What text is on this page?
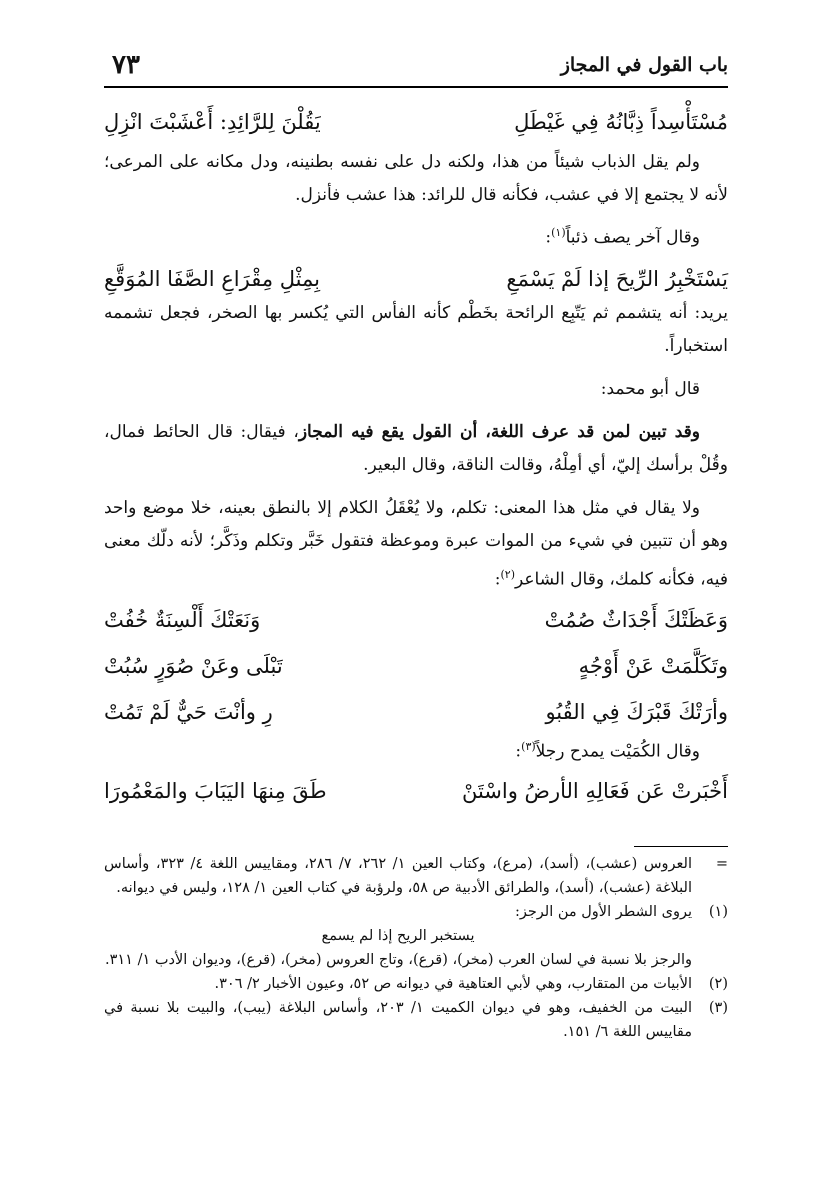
باب القول في المجاز
٧٣
مُسْتَأْسِداً ذِبَّانُهُ فِي غَيْطَلِ
يَقُلْنَ لِلرَّائِدِ: أَعْشَبْتَ انْزِلِ

ولم يقل الذباب شيئاً من هذا، ولكنه دل على نفسه بطنينه، ودل مكانه على المرعى؛ لأنه لا يجتمع إلا في عشب، فكأنه قال للرائد: هذا عشب فأنزل.

وقال آخر يصف ذئباً$^{(١)}$:

يَسْتَخْبِرُ الرِّيحَ إذا لَمْ يَسْمَعِ
بِمِثْلِ مِقْرَاعِ الصَّفَا المُوَقَّعِ

يريد: أنه يتشمم ثم يَتّبِع الرائحة بخَطْم كأنه الفأس التي يُكسر بها الصخر، فجعل تشممه استخباراً.

قال أبو محمد:

وقد تبين لمن قد عرف اللغة، أن القول يقع فيه المجاز، فيقال: قال الحائط فمال، وقُلْ برأسك إليّ، أي أمِلْهُ، وقالت الناقة، وقال البعير.

ولا يقال في مثل هذا المعنى: تكلم، ولا يُعْقَلُ الكلام إلا بالنطق بعينه، خلا موضع واحد وهو أن تتبين في شيء من الموات عبرة وموعظة فتقول خَبَّر وتكلم وذَكَّر؛ لأنه دلّك معنى فيه، فكأنه كلمك، وقال الشاعر$^{(٢)}$:

وَعَظَتْكَ أَجْدَاثٌ صُمُتْ
وَنَعَتْكَ أَلْسِنَةٌ خُفُتْ
وتَكَلَّمَتْ عَنْ أَوْجُهٍ
تَبْلَى وعَنْ صُوَرٍ سُبُتْ
وأرَتْكَ قَبْرَكَ فِي القُبُو
رِ وأنْتَ حَيٌّ لَمْ تَمُتْ

وقال الكُمَيْت يمدح رجلاً$^{(٣)}$:

أَخْبَرتْ عَن فَعَالِهِ الأرضُ واسْتَنْ
طَقَ مِنهَا اليَبَابَ والمَعْمُورَا
=
العروس (عشب)، (أسد)، (مرع)، وكتاب العين ١/ ٢٦٢، ٧/ ٢٨٦، ومقاييس اللغة ٤/ ٣٢٣، وأساس البلاغة (عشب)، (أسد)، والطرائق الأدبية ص ٥٨، ولرؤبة في كتاب العين ١/ ١٢٨، وليس في ديوانه.
(١)
يروى الشطر الأول من الرجز:
يستخبر الريح إذا لم يسمع
والرجز بلا نسبة في لسان العرب (مخر)، (قرع)، وتاج العروس (مخر)، (قرع)، وديوان الأدب ١/ ٣١١.
(٢)
الأبيات من المتقارب، وهي لأبي العتاهية في ديوانه ص ٥٢، وعيون الأخبار ٢/ ٣٠٦.
(٣)
البيت من الخفيف، وهو في ديوان الكميت ١/ ٢٠٣، وأساس البلاغة (يبب)، والبيت بلا نسبة في مقاييس اللغة ٦/ ١٥١.
